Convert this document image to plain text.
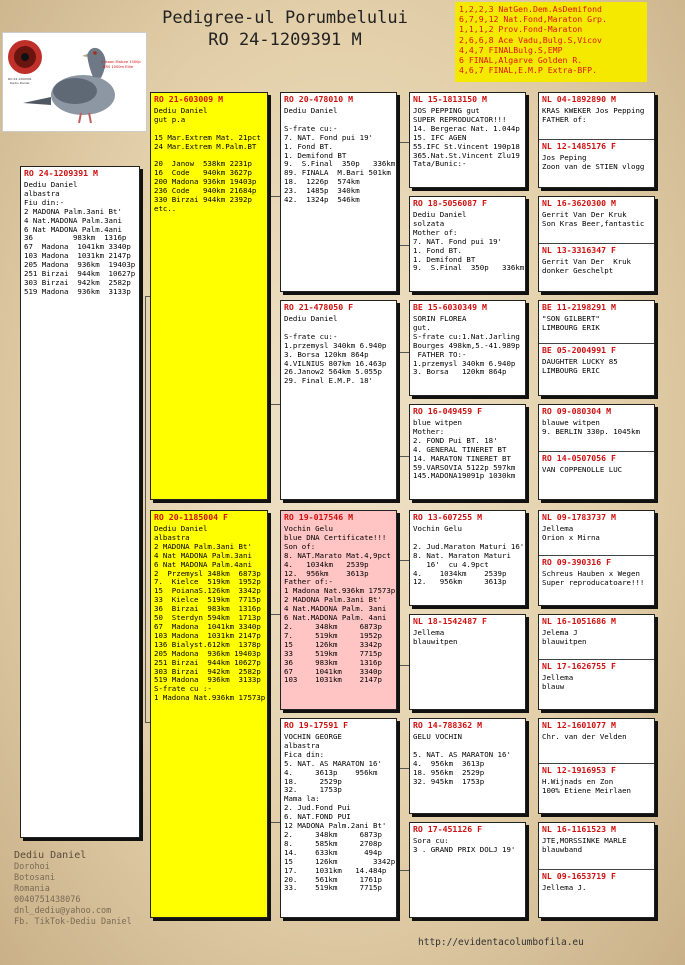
Pedigree-ul Porumbelului
RO 24-1209391 M
1,2,2,3 NatGen.Dem.AsDemifond
6,7,9,12 Nat.Fond,Maraton Grp.
1,1,1,2 Prov.Fond-Maraton
2,6,6,8 Ace Vadu,Bulg.S,Vicov
4,4,7 FINALBulg.S,EMP
6 FINAL,Algarve Golden R.
4,6,7 FINAL,E.M.P Extra-BFP.
1 Ieoan Mature 1500p
BRS 1000m Elite
RO 24-1209391
Dediu Daniel
RO 24-1209391 M
Dediu Daniel
albastra
Fiu din:-
2 MADONA Palm.3ani Bt'
4 Nat.MADONA Palm.3ani
6 Nat MADONA Palm.4ani
36         983km  1316p
67  Madona  1041km 3340p
103 Madona  1031km 2147p
205 Madona  936km  19403p
251 Birzai  944km  10627p
303 Birzai  942km  2582p
519 Madona  936km  3133p
RO 21-603009 M
Dediu Daniel
gut p.a

15 Mar.Extrem Mat. 21pct
24 Mar.Extrem M.Palm.BT

20  Janow  538km 2231p
16  Code   940km 3627p
200 Madona 936km 19403p
236 Code   940km 21684p
330 Birzai 944km 2392p
etc..
RO 20-1185004 F
Dediu Daniel
albastra
2 MADONA Palm.3ani Bt'
4 Nat MADONA Palm.3ani
6 Nat MADONA Palm.4ani
2  Przemysl 348km  6873p
7.  Kielce  519km  1952p
15  PoianaS.126km  3342p
33  Kielce  519km  7715p
36  Birzai  983km  1316p
50  Sterdyn 594km  1713p
67  Madona  1041km 3340p
103 Madona  1031km 2147p
136 Bialyst.612km  1378p
205 Madona  936km 19403p
251 Birzai  944km 10627p
303 Birzai  942km  2582p
519 Madona  936km  3133p
S-frate cu :-
1 Madona Nat.936km 17573p
RO 20-478010 M
Dediu Daniel

S-frate cu:-
7. NAT. Fond pui 19'
1. Fond BT.
1. Demifond BT
9.  S.Final  350p   336km
89. FINALA  M.Bari 501km
18.  1226p  574km
23.  1485p  340km
42.  1324p  546km
RO 21-478050 F
Dediu Daniel

S-frate cu:-
1.przemysl 340km 6.940p
3. Borsa 120km 864p
4.VILNIUS 807km 16.463p
26.Janow2 564km 5.055p
29. Final E.M.P. 18'
RO 19-017546 M
Vochin Gelu
blue DNA Certificate!!!
Son of:
8. NAT.Marato Mat.4,9pct
4.   1034km   2539p
12.  956km    3613p
Father of:-
1 Madona Nat.936km 17573p
2 MADONA Palm.3ani Bt'
4 Nat.MADONA Palm. 3ani
6 Nat.MADONA Palm. 4ani
2.     348km     6873p
7.     519km     1952p
15     126km     3342p
33     519km     7715p
36     983km     1316p
67     1041km    3340p
103    1031km    2147p
RO 19-17591 F
VOCHIN GEORGE
albastra
Fica din:
5. NAT. AS MARATON 16'
4.     3613p    956km
18.     2529p
32.     1753p
Mama la:
2. Jud.Fond Pui
6. NAT.FOND PUI
12 MADONA Palm.2ani Bt'
2.     348km     6873p
8.     585km     2708p
14.    633km      494p
15     126km        3342p
17.    1031km   14.484p
20.    561km     1761p
33.    519km     7715p
NL 15-1813150 M
JOS PEPPING gut
SUPER REPRODUCATOR!!!
14. Bergerac Nat. 1.044p
15. IFC AGEN
55.IFC St.Vincent 190p18
365.Nat.St.Vincent Zlu19
Tata/Bunic:-
RO 18-5056087 F
Dediu Daniel
solzata
Mother of:
7. NAT. Fond pui 19'
1. Fond BT.
1. Demifond BT
9.  S.Final  350p   336km
BE 15-6030349 M
SORIN FLOREA
gut.
S-frate cu:1.Nat.Jarling
Bourges 498km,5.-41.989p
FATHER TO:-
1.przemysl 340km 6.940p
3. Borsa   120km 864p
RO 16-049459 F
blue witpen
Mother:
2. FOND Pui BT. 18'
4. GENERAL TINERET BT
14. MARATON TINERET BT
59.VARSOVIA 5122p 597km
145.MADONA19091p 1030km
RO 13-607255 M
Vochin Gelu

2. Jud.Maraton Maturi 16'
8. Nat. Maraton Maturi
16'  cu 4.9pct
4.    1034km    2539p
12.   956km     3613p
NL 18-1542487 F
Jellema
blauwitpen
RO 14-788362 M
GELU VOCHIN

5. NAT. AS MARATON 16'
4.  956km  3613p
18. 956km  2529p
32. 945km  1753p
RO 17-451126 F
Sora cu:
3 . GRAND PRIX DOLJ 19'
NL 04-1892890 M
KRAS KWEKER Jos Pepping
FATHER of:
NL 12-1485176 F
Jos Peping
Zoon van de STIEN vlogg
NL 16-3620300 M
Gerrit Van Der Kruk
Son Kras Beer,fantastic
NL 13-3316347 F
Gerrit Van Der  Kruk
donker Geschelpt
BE 11-2198291 M
"SON GILBERT"
LIMBOURG ERIK
BE 05-2004991 F
DAUGHTER LUCKY 85
LIMBOURG ERIC
RO 09-080304 M
blauwe witpen
9. BERLIN 330p. 1045km
RO 14-0507056 F
VAN COPPENOLLE LUC
NL 09-1783737 M
Jellema
Orion x Mirna
RO 09-390316 F
Schreus Hauben x Wegen
Super reproducatoare!!!
NL 16-1051686 M
Jelema J
blauwitpen
NL 17-1626755 F
Jellema
blauw
NL 12-1601077 M
Chr. van der Velden
NL 12-1916953 F
H.Wijnads en Zon
100% Etiene Meirlaen
NL 16-1161523 M
JTE,MORSSINKE MARLE
blauwband
NL 09-1653719 F
Jellema J.
Dediu Daniel
Dorohoi
Botosani
Romania
0040751438076
dnl_dediu@yahoo.com
Fb. TikTok-Dediu Daniel
http://evidentacolumbofila.eu
